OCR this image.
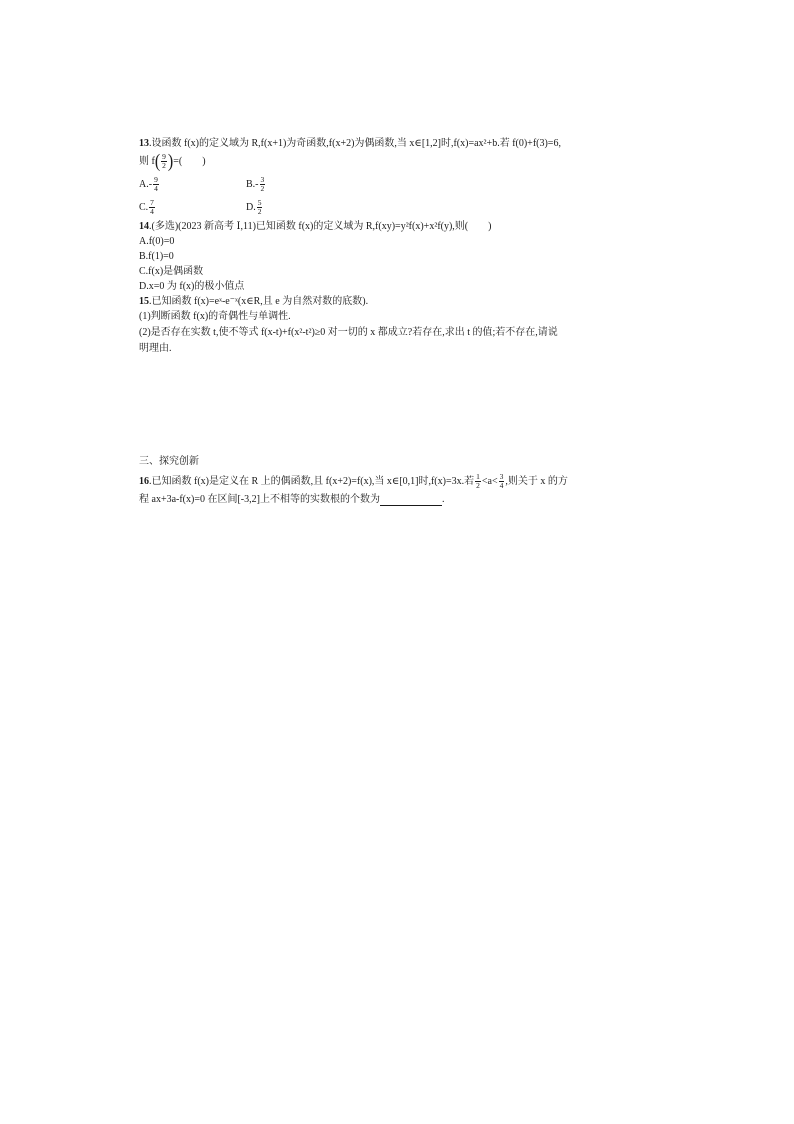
13.设函数 f(x)的定义域为 R,f(x+1)为奇函数,f(x+2)为偶函数,当 x∈[1,2]时,f(x)=ax²+b.若 f(0)+f(3)=6,
则 $f( \frac{9}{2}$ )=(　　)
$A.- \frac{9}{4}$	$B.- \frac{3}{2}$
C. $\frac{7}{4}$	D. $\frac{5}{2}$
14.(多选)(2023 新高考 Ⅰ,11)已知函数 f(x)的定义域为 R,f(xy)=y²f(x)+x²f(y),则(　　)
A.f(0)=0
B.f(1)=0
C.f(x)是偶函数
D.x=0 为 f(x)的极小值点
15.已知函数 f(x)=eˣ-e⁻ˣ(x∈R,且 e 为自然对数的底数).
(1)判断函数 f(x)的奇偶性与单调性.
(2)是否存在实数 t,使不等式 f(x-t)+f(x²-t²)≥0 对一切的 x 都成立?若存在,求出 t 的值;若不存在,请说
明理由.
三、探究创新
16.已知函数 f(x)是定义在 R 上的偶函数,且 f(x+2)=f(x),当 x∈[0,1]时,f(x)=3x.若 $\frac{1}{2} <a< \frac{3}{4}$ ,则关于 x 的方
程 ax+3a-f(x)=0 在区间[-3,2]上不相等的实数根的个数为	.
